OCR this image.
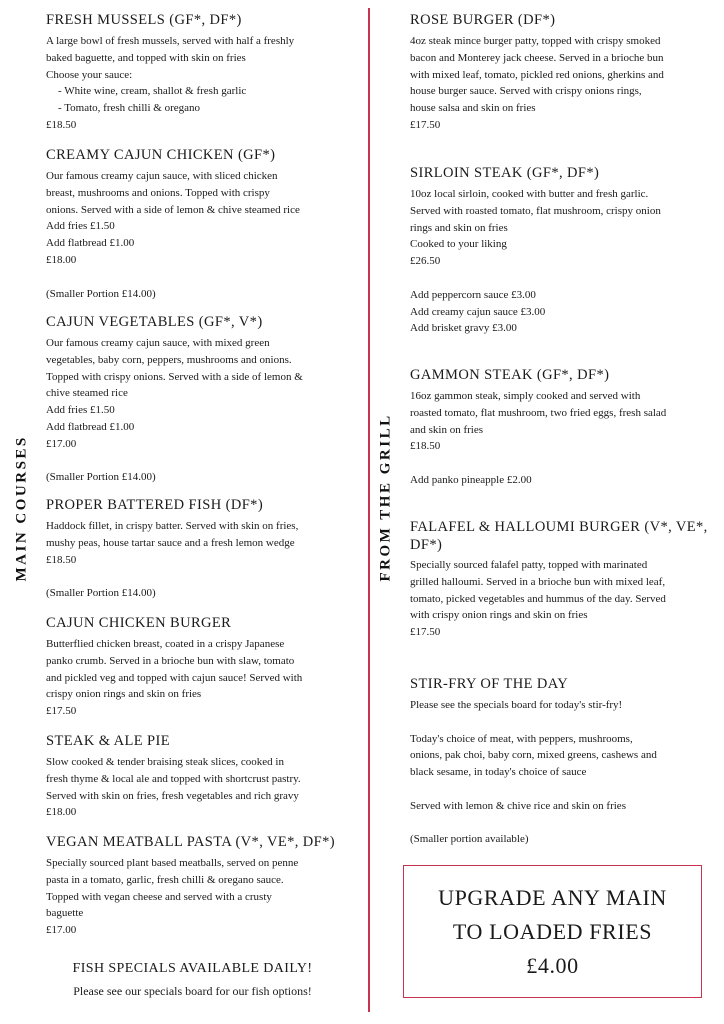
MAIN COURSES	FROM THE GRILL
FRESH MUSSELS (GF*, DF*)
A large bowl of fresh mussels, served with half a freshly
baked baguette, and topped with skin on fries
Choose your sauce:
- White wine, cream, shallot & fresh garlic
- Tomato, fresh chilli & oregano
£18.50
CREAMY CAJUN CHICKEN (GF*)
Our famous creamy cajun sauce, with sliced chicken
breast, mushrooms and onions. Topped with crispy
onions. Served with a side of lemon & chive steamed rice
Add fries £1.50
Add flatbread £1.00
£18.00
(Smaller Portion £14.00)
CAJUN VEGETABLES (GF*, V*)
Our famous creamy cajun sauce, with mixed green
vegetables, baby corn, peppers, mushrooms and onions.
Topped with crispy onions. Served with a side of lemon &
chive steamed rice
Add fries £1.50
Add flatbread £1.00
£17.00
(Smaller Portion £14.00)
PROPER BATTERED FISH (DF*)
Haddock fillet, in crispy batter. Served with skin on fries,
mushy peas, house tartar sauce and a fresh lemon wedge
£18.50
(Smaller Portion £14.00)
CAJUN CHICKEN BURGER
Butterflied chicken breast, coated in a crispy Japanese
panko crumb. Served in a brioche bun with slaw, tomato
and pickled veg and topped with cajun sauce! Served with
crispy onion rings and skin on fries
£17.50
STEAK & ALE PIE
Slow cooked & tender braising steak slices, cooked in
fresh thyme & local ale and topped with shortcrust pastry.
Served with skin on fries, fresh vegetables and rich gravy
£18.00
VEGAN MEATBALL PASTA (V*, VE*, DF*)
Specially sourced plant based meatballs, served on penne
pasta in a tomato, garlic, fresh chilli & oregano sauce.
Topped with vegan cheese and served with a crusty
baguette
£17.00
FISH SPECIALS AVAILABLE DAILY!
Please see our specials board for our fish options!
ROSE BURGER (DF*)
4oz steak mince burger patty, topped with crispy smoked
bacon and Monterey jack cheese. Served in a brioche bun
with mixed leaf, tomato, pickled red onions, gherkins and
house burger sauce. Served with crispy onions rings,
house salsa and skin on fries
£17.50
SIRLOIN STEAK (GF*, DF*)
10oz local sirloin, cooked with butter and fresh garlic.
Served with roasted tomato, flat mushroom, crispy onion
rings and skin on fries
Cooked to your liking
£26.50
Add peppercorn sauce £3.00
Add creamy cajun sauce £3.00
Add brisket gravy £3.00
GAMMON STEAK (GF*, DF*)
16oz gammon steak, simply cooked and served with
roasted tomato, flat mushroom, two fried eggs, fresh salad
and skin on fries
£18.50
Add panko pineapple £2.00
FALAFEL & HALLOUMI BURGER (V*, VE*,
DF*)
Specially sourced falafel patty, topped with marinated
grilled halloumi. Served in a brioche bun with mixed leaf,
tomato, picked vegetables and hummus of the day. Served
with crispy onion rings and skin on fries
£17.50
STIR-FRY OF THE DAY
Please see the specials board for today's stir-fry!
Today's choice of meat, with peppers, mushrooms,
onions, pak choi, baby corn, mixed greens, cashews and
black sesame, in today's choice of sauce
Served with lemon & chive rice and skin on fries
(Smaller portion available)
UPGRADE ANY MAIN
TO LOADED FRIES
£4.00
